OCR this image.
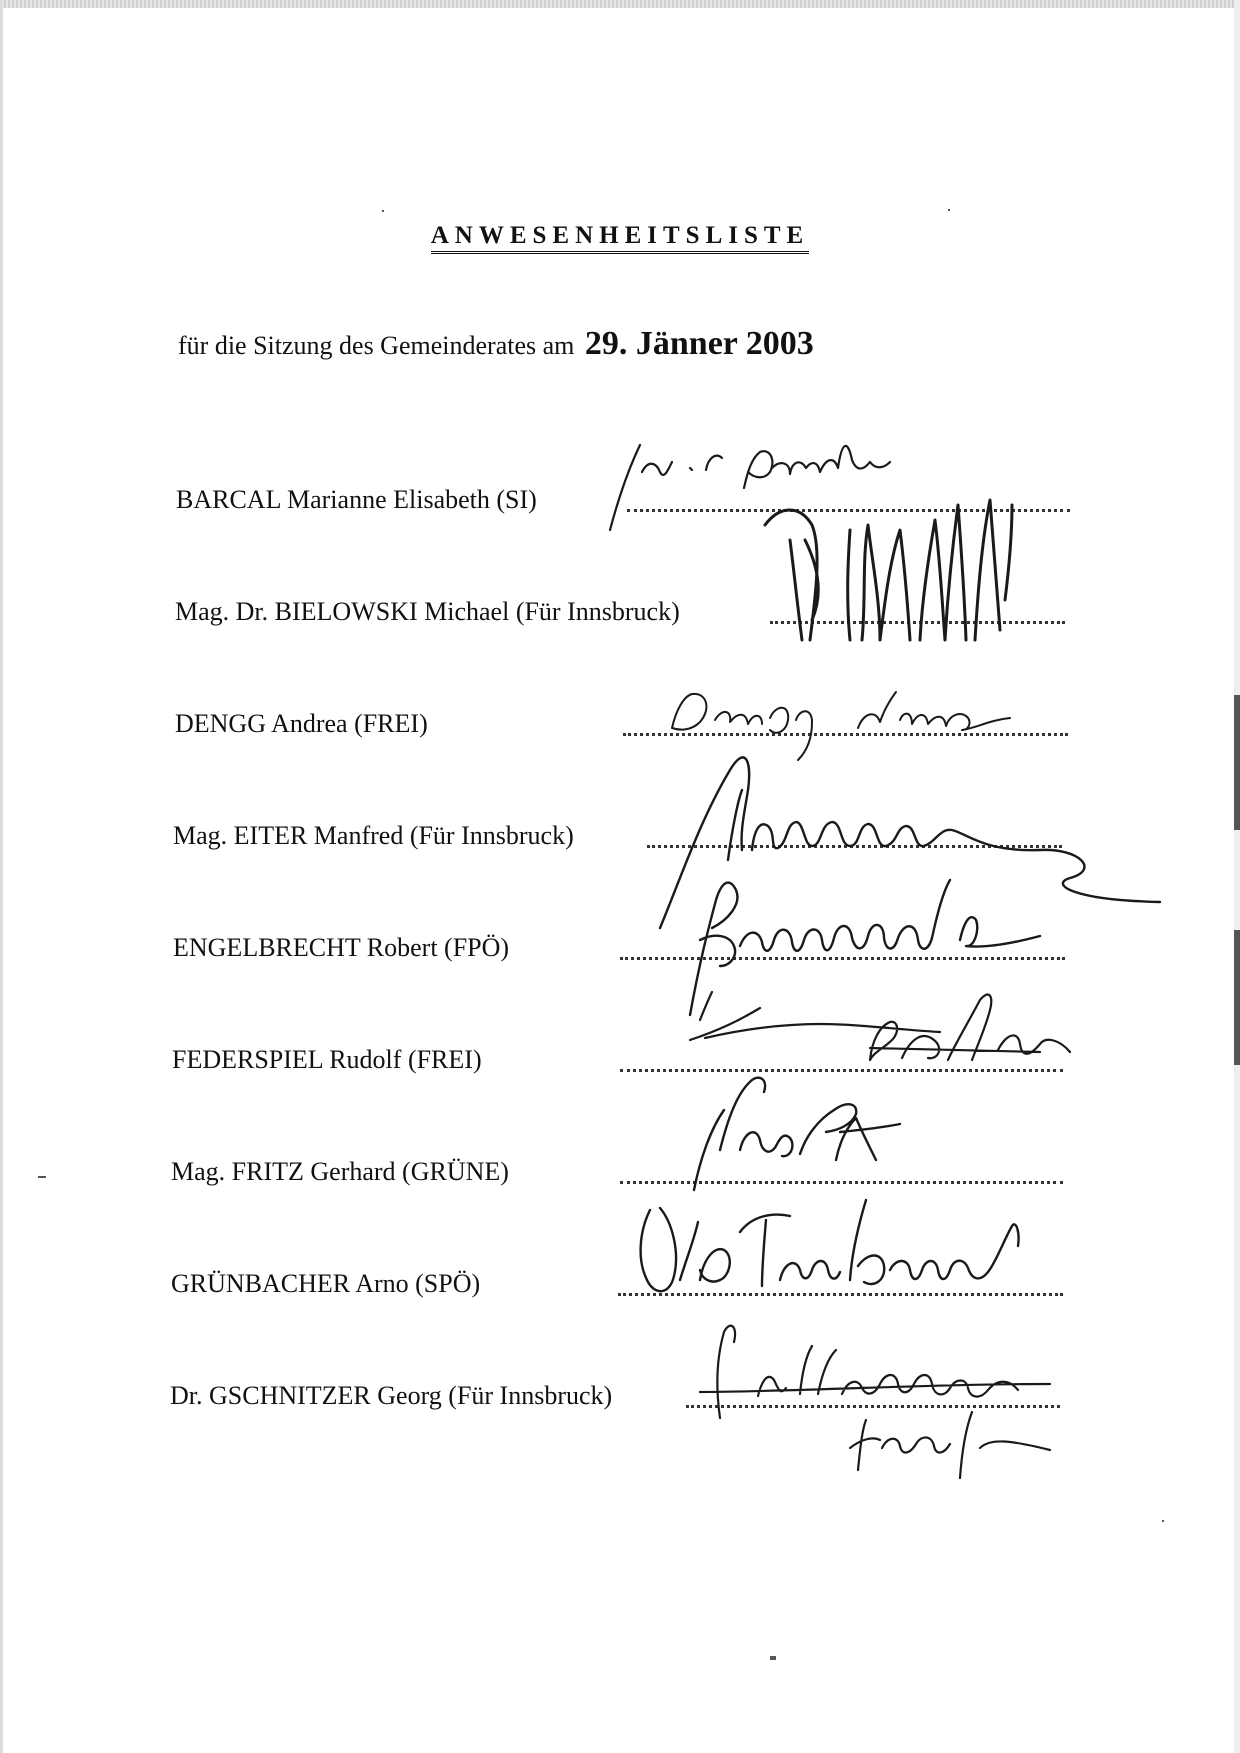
ANWESENHEITSLISTE
für die Sitzung des Gemeinderates am 29. Jänner 2003
BARCAL Marianne Elisabeth (SI)
Mag. Dr. BIELOWSKI Michael (Für Innsbruck)
DENGG Andrea (FREI)
Mag. EITER Manfred (Für Innsbruck)
ENGELBRECHT Robert (FPÖ)
FEDERSPIEL Rudolf (FREI)
Mag. FRITZ Gerhard (GRÜNE)
GRÜNBACHER Arno (SPÖ)
Dr. GSCHNITZER Georg (Für Innsbruck)
